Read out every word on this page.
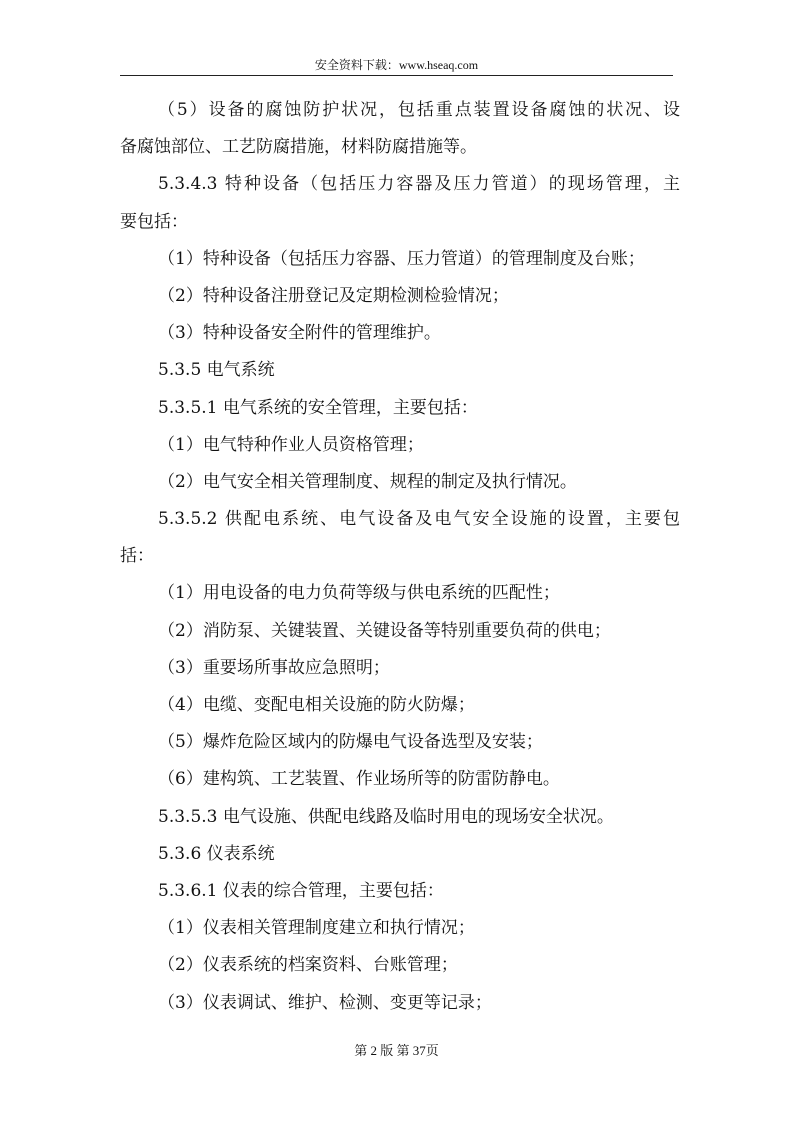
安全资料下载：www.hseaq.com
（5）设备的腐蚀防护状况，包括重点装置设备腐蚀的状况、设
备腐蚀部位、工艺防腐措施，材料防腐措施等。
5.3.4.3 特种设备（包括压力容器及压力管道）的现场管理，主
要包括：
（1）特种设备（包括压力容器、压力管道）的管理制度及台账；
（2）特种设备注册登记及定期检测检验情况；
（3）特种设备安全附件的管理维护。
5.3.5 电气系统
5.3.5.1 电气系统的安全管理，主要包括：
（1）电气特种作业人员资格管理；
（2）电气安全相关管理制度、规程的制定及执行情况。
5.3.5.2 供配电系统、电气设备及电气安全设施的设置，主要包
括：
（1）用电设备的电力负荷等级与供电系统的匹配性；
（2）消防泵、关键装置、关键设备等特别重要负荷的供电；
（3）重要场所事故应急照明；
（4）电缆、变配电相关设施的防火防爆；
（5）爆炸危险区域内的防爆电气设备选型及安装；
（6）建构筑、工艺装置、作业场所等的防雷防静电。
5.3.5.3 电气设施、供配电线路及临时用电的现场安全状况。
5.3.6 仪表系统
5.3.6.1 仪表的综合管理，主要包括：
（1）仪表相关管理制度建立和执行情况；
（2）仪表系统的档案资料、台账管理；
（3）仪表调试、维护、检测、变更等记录；
第 2 版 第 37页
